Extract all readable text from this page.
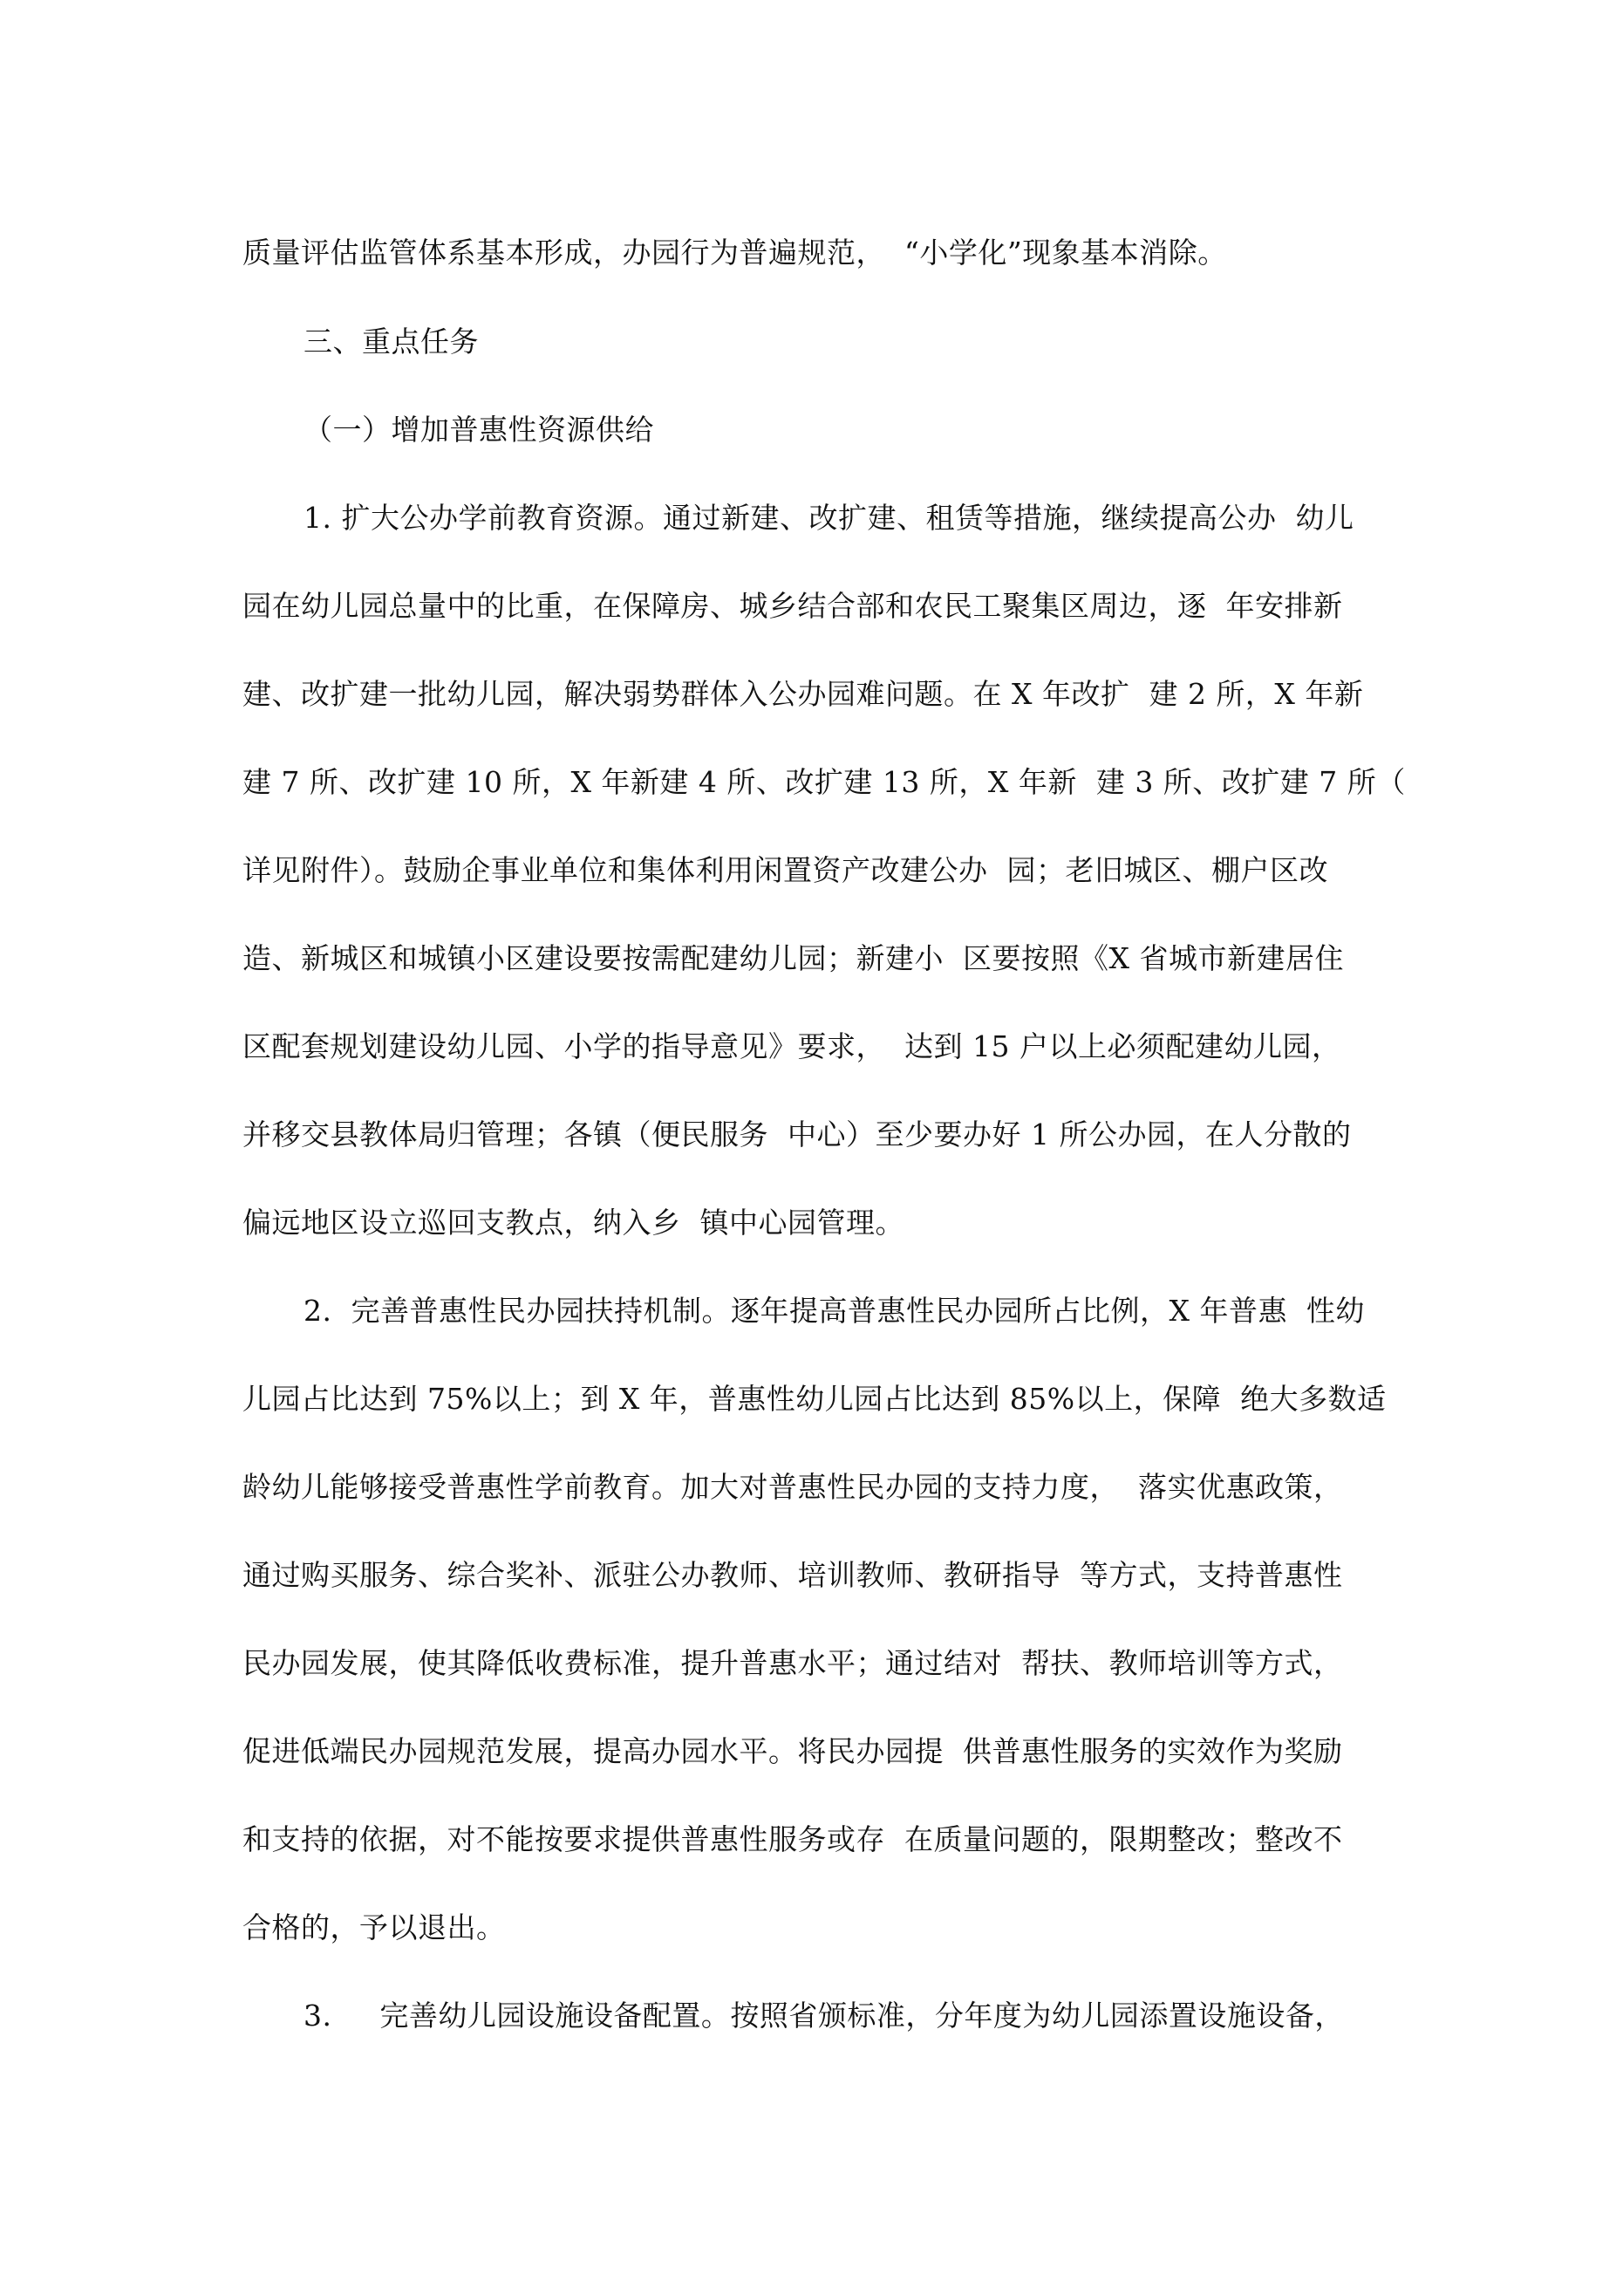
质量评估监管体系基本形成，办园行为普遍规范，  “小学化”现象基本消除。
三、重点任务
（一）增加普惠性资源供给
1. 扩大公办学前教育资源。通过新建、改扩建、租赁等措施，继续提高公办  幼儿
园在幼儿园总量中的比重，在保障房、城乡结合部和农民工聚集区周边，逐  年安排新
建、改扩建一批幼儿园，解决弱势群体入公办园难问题。在 X 年改扩  建 2 所，X 年新
建 7 所、改扩建 10 所，X 年新建 4 所、改扩建 13 所，X 年新  建 3 所、改扩建 7 所（
详见附件）。鼓励企事业单位和集体利用闲置资产改建公办  园；老旧城区、棚户区改
造、新城区和城镇小区建设要按需配建幼儿园；新建小  区要按照《X 省城市新建居住
区配套规划建设幼儿园、小学的指导意见》要求，  达到 15 户以上必须配建幼儿园，
并移交县教体局归管理；各镇（便民服务  中心）至少要办好 1 所公办园，在人分散的
偏远地区设立巡回支教点，纳入乡  镇中心园管理。
2.  完善普惠性民办园扶持机制。逐年提高普惠性民办园所占比例，X 年普惠  性幼
儿园占比达到 75%以上；到 X 年，普惠性幼儿园占比达到 85%以上，保障  绝大多数适
龄幼儿能够接受普惠性学前教育。加大对普惠性民办园的支持力度，  落实优惠政策，
通过购买服务、综合奖补、派驻公办教师、培训教师、教研指导  等方式，支持普惠性
民办园发展，使其降低收费标准，提升普惠水平；通过结对  帮扶、教师培训等方式，
促进低端民办园规范发展，提高办园水平。将民办园提  供普惠性服务的实效作为奖励
和支持的依据，对不能按要求提供普惠性服务或存  在质量问题的，限期整改；整改不
合格的，予以退出。
3.     完善幼儿园设施设备配置。按照省颁标准，分年度为幼儿园添置设施设备，
